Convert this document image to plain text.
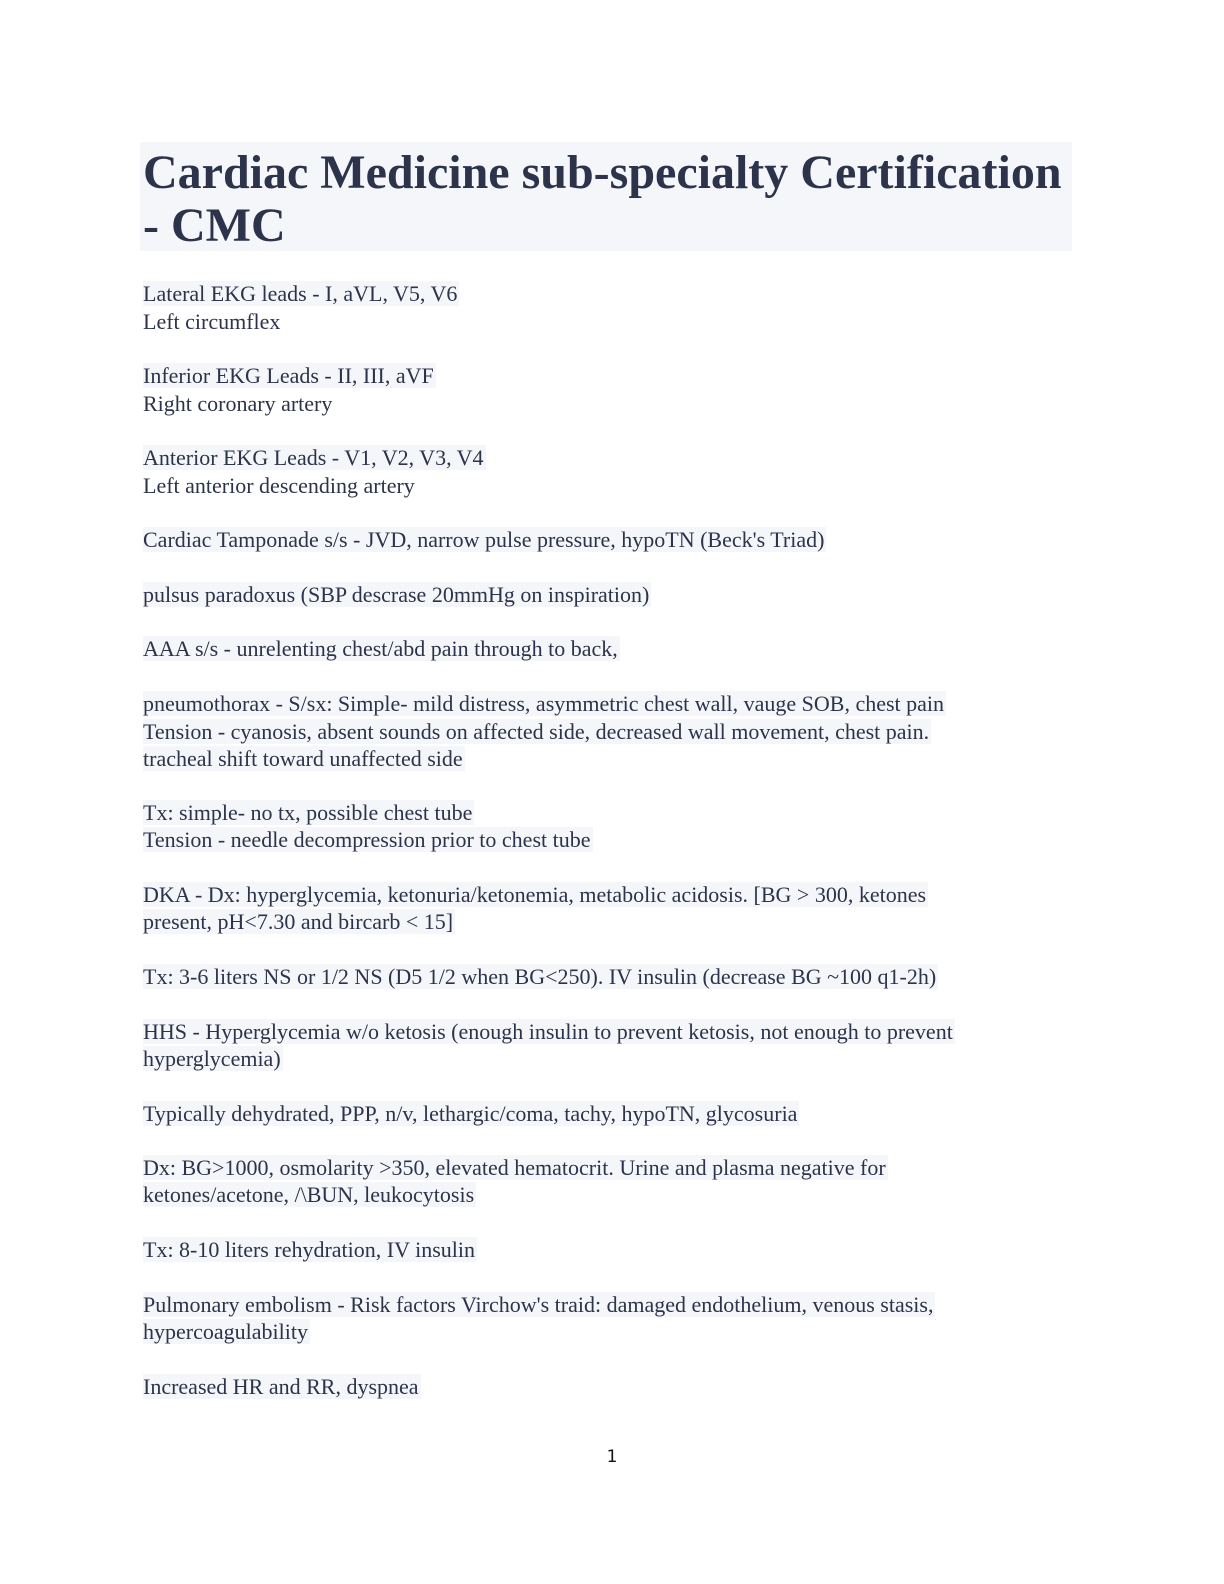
Cardiac Medicine sub-specialty Certification
- CMC
Lateral EKG leads - I, aVL, V5, V6
Left circumflex
Inferior EKG Leads - II, III, aVF
Right coronary artery
Anterior EKG Leads - V1, V2, V3, V4
Left anterior descending artery
Cardiac Tamponade s/s - JVD, narrow pulse pressure, hypoTN (Beck's Triad)
pulsus paradoxus (SBP descrase 20mmHg on inspiration)
AAA s/s - unrelenting chest/abd pain through to back,
pneumothorax - S/sx: Simple- mild distress, asymmetric chest wall, vauge SOB, chest pain
Tension - cyanosis, absent sounds on affected side, decreased wall movement, chest pain.
tracheal shift toward unaffected side
Tx: simple- no tx, possible chest tube
Tension - needle decompression prior to chest tube
DKA - Dx: hyperglycemia, ketonuria/ketonemia, metabolic acidosis. [BG > 300, ketones
present, pH<7.30 and bircarb < 15]
Tx: 3-6 liters NS or 1/2 NS (D5 1/2 when BG<250). IV insulin (decrease BG ~100 q1-2h)
HHS - Hyperglycemia w/o ketosis (enough insulin to prevent ketosis, not enough to prevent
hyperglycemia)
Typically dehydrated, PPP, n/v, lethargic/coma, tachy, hypoTN, glycosuria
Dx: BG>1000, osmolarity >350, elevated hematocrit. Urine and plasma negative for
ketones/acetone, /\BUN, leukocytosis
Tx: 8-10 liters rehydration, IV insulin
Pulmonary embolism - Risk factors Virchow's traid: damaged endothelium, venous stasis,
hypercoagulability
Increased HR and RR, dyspnea
1
